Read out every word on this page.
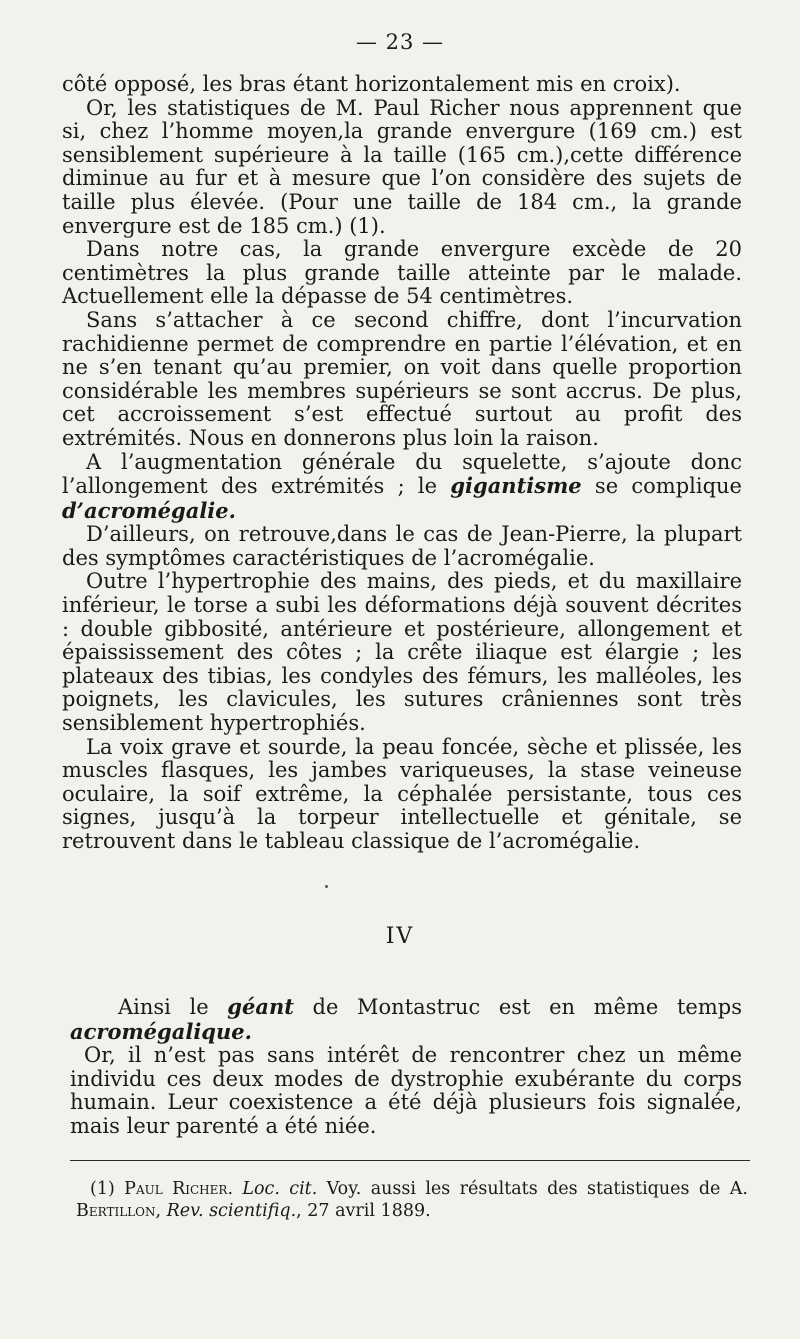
— 23 —

côté opposé, les bras étant horizontalement mis en croix).

Or, les statistiques de M. Paul Richer nous apprennent que si, chez l’homme moyen,la grande envergure (169 cm.) est sensiblement supérieure à la taille (165 cm.),cette différence diminue au fur et à mesure que l’on considère des sujets de taille plus élevée. (Pour une taille de 184 cm., la grande envergure est de 185 cm.) (1).

Dans notre cas, la grande envergure excède de 20 centimètres la plus grande taille atteinte par le malade. Actuellement elle la dépasse de 54 centimètres.

Sans s’attacher à ce second chiffre, dont l’incurvation rachidienne permet de comprendre en partie l’élévation, et en ne s’en tenant qu’au premier, on voit dans quelle proportion considérable les membres supérieurs se sont accrus. De plus, cet accroissement s’est effectué surtout au profit des extrémités. Nous en donnerons plus loin la raison.

A l’augmentation générale du squelette, s’ajoute donc l’allongement des extrémités ; le gigantisme se complique d’acromégalie.

D’ailleurs, on retrouve,dans le cas de Jean-Pierre, la plupart des symptômes caractéristiques de l’acromégalie.

Outre l’hypertrophie des mains, des pieds, et du maxillaire inférieur, le torse a subi les déformations déjà souvent décrites : double gibbosité, antérieure et postérieure, allongement et épaississement des côtes ; la crête iliaque est élargie ; les plateaux des tibias, les condyles des fémurs, les malléoles, les poignets, les clavicules, les sutures crâniennes sont très sensiblement hypertrophiés.

La voix grave et sourde, la peau foncée, sèche et plissée, les muscles flasques, les jambes variqueuses, la stase veineuse oculaire, la soif extrême, la céphalée persistante, tous ces signes, jusqu’à la torpeur intellectuelle et génitale, se retrouvent dans le tableau classique de l’acromégalie.

IV

Ainsi le géant de Montastruc est en même temps acromégalique.

Or, il n’est pas sans intérêt de rencontrer chez un même individu ces deux modes de dystrophie exubérante du corps humain. Leur coexistence a été déjà plusieurs fois signalée, mais leur parenté a été niée.

(1) Paul Richer. Loc. cit. Voy. aussi les résultats des statistiques de A. Bertillon, Rev. scientifiq., 27 avril 1889.
